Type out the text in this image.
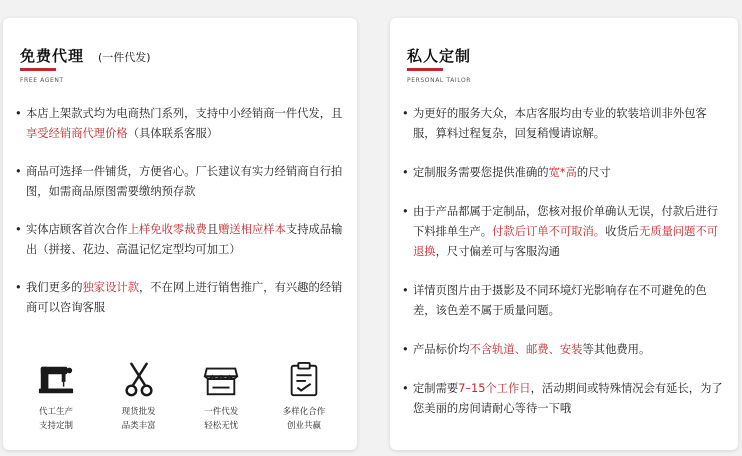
免费代理 (一件代发)
FREE AGENT
• 本店上架款式均为电商热门系列，支持中小经销商一件代发，且享受经销商代理价格（具体联系客服）
• 商品可选择一件铺货，方便省心。厂长建议有实力经销商自行拍图，如需商品原图需要缴纳预存款
• 实体店顾客首次合作上样免收零裁费且赠送相应样本支持成品输出（拼接、花边、高温记忆定型均可加工）
• 我们更多的独家设计款，不在网上进行销售推广，有兴趣的经销商可以咨询客服
代工生产
支持定制
现货批发
品类丰富
一件代发
轻松无忧
多样化合作
创业共赢
私人定制
PERSONAL TAILOR
• 为更好的服务大众，本店客服均由专业的软装培训非外包客服，算料过程复杂，回复稍慢请谅解。
• 定制服务需要您提供准确的宽*高的尺寸
• 由于产品都属于定制品，您核对报价单确认无误，付款后进行下料排单生产。付款后订单不可取消。收货后无质量问题不可退换，尺寸偏差可与客服沟通
• 详情页图片由于摄影及不同环境灯光影响存在不可避免的色差，该色差不属于质量问题。
• 产品标价均不含轨道、邮费、安装等其他费用。
• 定制需要7–15个工作日，活动期间或特殊情况会有延长，为了您美丽的房间请耐心等待一下哦
